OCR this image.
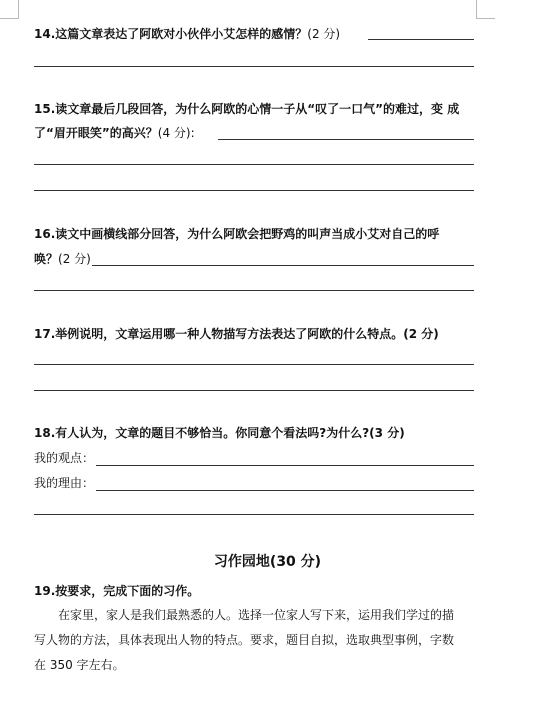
14.这篇文章表达了阿欧对小伙伴小艾怎样的感情？(2 分)
15.读文章最后几段回答，为什么阿欧的心情一子从“叹了一口气”的难过，变 成
了“眉开眼笑”的高兴？(4 分):
16.读文中画横线部分回答，为什么阿欧会把野鸡的叫声当成小艾对自己的呼
唤？(2 分)
17.举例说明，文章运用哪一种人物描写方法表达了阿欧的什么特点。(2 分)
18.有人认为，文章的题目不够恰当。你同意个看法吗?为什么?(3 分)
我的观点：
我的理由：
习作园地(30 分)
19.按要求，完成下面的习作。
在家里，家人是我们最熟悉的人。选择一位家人写下来，运用我们学过的描
写人物的方法，具体表现出人物的特点。要求，题目自拟，选取典型事例，字数
在 350 字左右。
